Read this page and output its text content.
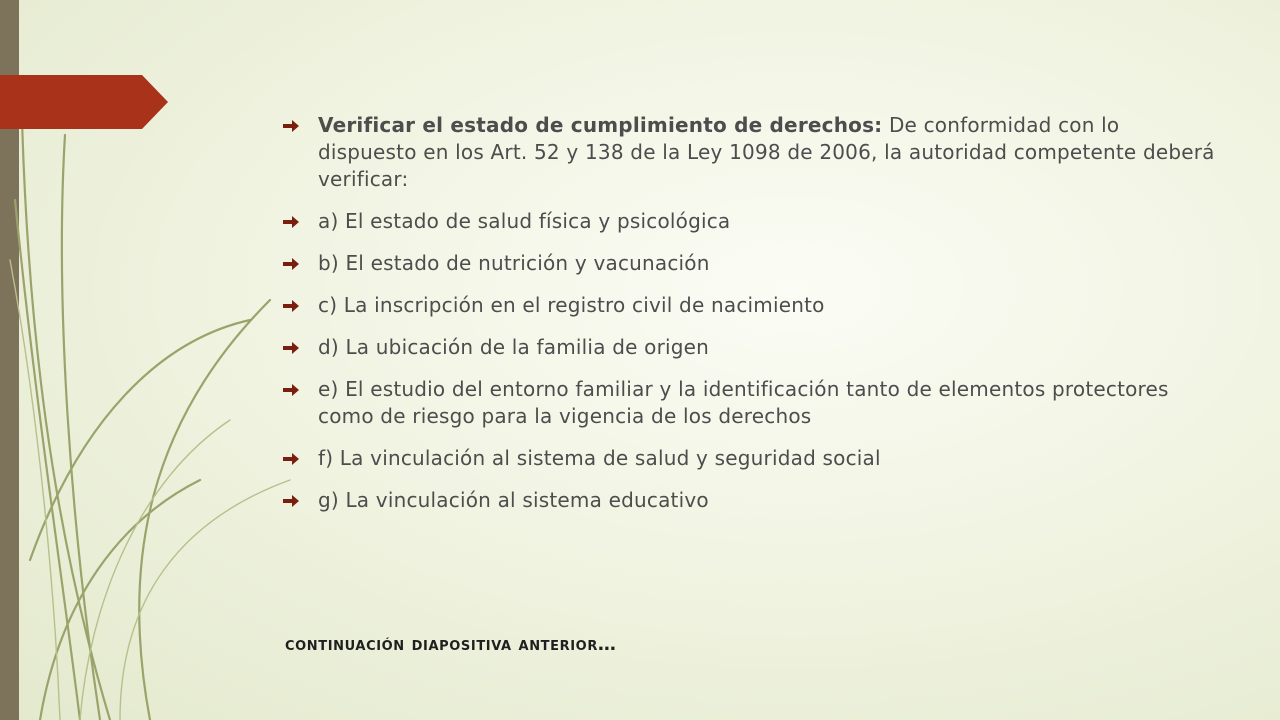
Verificar el estado de cumplimiento de derechos: De conformidad con lo dispuesto en los Art. 52 y 138 de la Ley 1098 de 2006, la autoridad competente deberá verificar:
a) El estado de salud física y psicológica
b) El estado de nutrición y vacunación
c) La inscripción en el registro civil de nacimiento
d) La ubicación de la familia de origen
e) El estudio del entorno familiar y la identificación tanto de elementos protectores como de riesgo para la vigencia de los derechos
f) La vinculación al sistema de salud y seguridad social
g) La vinculación al sistema educativo
continuación diapositiva anterior…
